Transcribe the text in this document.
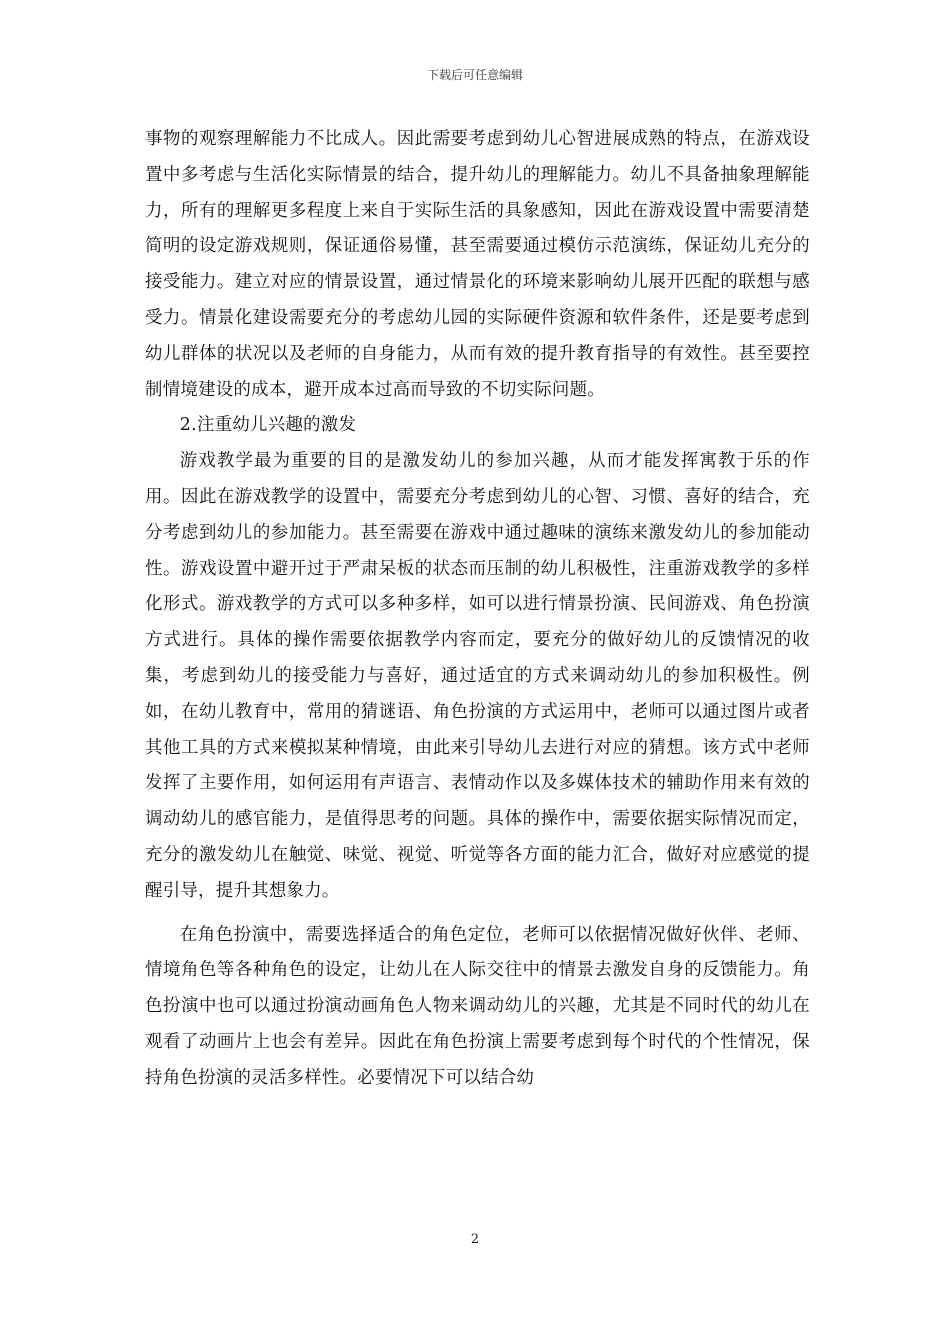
下载后可任意编辑

事物的观察理解能力不比成人。因此需要考虑到幼儿心智进展成熟的特点，在游戏设置中多考虑与生活化实际情景的结合，提升幼儿的理解能力。幼儿不具备抽象理解能力，所有的理解更多程度上来自于实际生活的具象感知，因此在游戏设置中需要清楚简明的设定游戏规则，保证通俗易懂，甚至需要通过模仿示范演练，保证幼儿充分的接受能力。建立对应的情景设置，通过情景化的环境来影响幼儿展开匹配的联想与感受力。情景化建设需要充分的考虑幼儿园的实际硬件资源和软件条件，还是要考虑到幼儿群体的状况以及老师的自身能力，从而有效的提升教育指导的有效性。甚至要控制情境建设的成本，避开成本过高而导致的不切实际问题。

2.注重幼儿兴趣的激发

游戏教学最为重要的目的是激发幼儿的参加兴趣，从而才能发挥寓教于乐的作用。因此在游戏教学的设置中，需要充分考虑到幼儿的心智、习惯、喜好的结合，充分考虑到幼儿的参加能力。甚至需要在游戏中通过趣味的演练来激发幼儿的参加能动性。游戏设置中避开过于严肃呆板的状态而压制的幼儿积极性，注重游戏教学的多样化形式。游戏教学的方式可以多种多样，如可以进行情景扮演、民间游戏、角色扮演方式进行。具体的操作需要依据教学内容而定，要充分的做好幼儿的反馈情况的收集，考虑到幼儿的接受能力与喜好，通过适宜的方式来调动幼儿的参加积极性。例如，在幼儿教育中，常用的猜谜语、角色扮演的方式运用中，老师可以通过图片或者其他工具的方式来模拟某种情境，由此来引导幼儿去进行对应的猜想。该方式中老师发挥了主要作用，如何运用有声语言、表情动作以及多媒体技术的辅助作用来有效的调动幼儿的感官能力，是值得思考的问题。具体的操作中，需要依据实际情况而定，充分的激发幼儿在触觉、味觉、视觉、听觉等各方面的能力汇合，做好对应感觉的提醒引导，提升其想象力。

在角色扮演中，需要选择适合的角色定位，老师可以依据情况做好伙伴、老师、情境角色等各种角色的设定，让幼儿在人际交往中的情景去激发自身的反馈能力。角色扮演中也可以通过扮演动画角色人物来调动幼儿的兴趣，尤其是不同时代的幼儿在观看了动画片上也会有差异。因此在角色扮演上需要考虑到每个时代的个性情况，保持角色扮演的灵活多样性。必要情况下可以结合幼

2
